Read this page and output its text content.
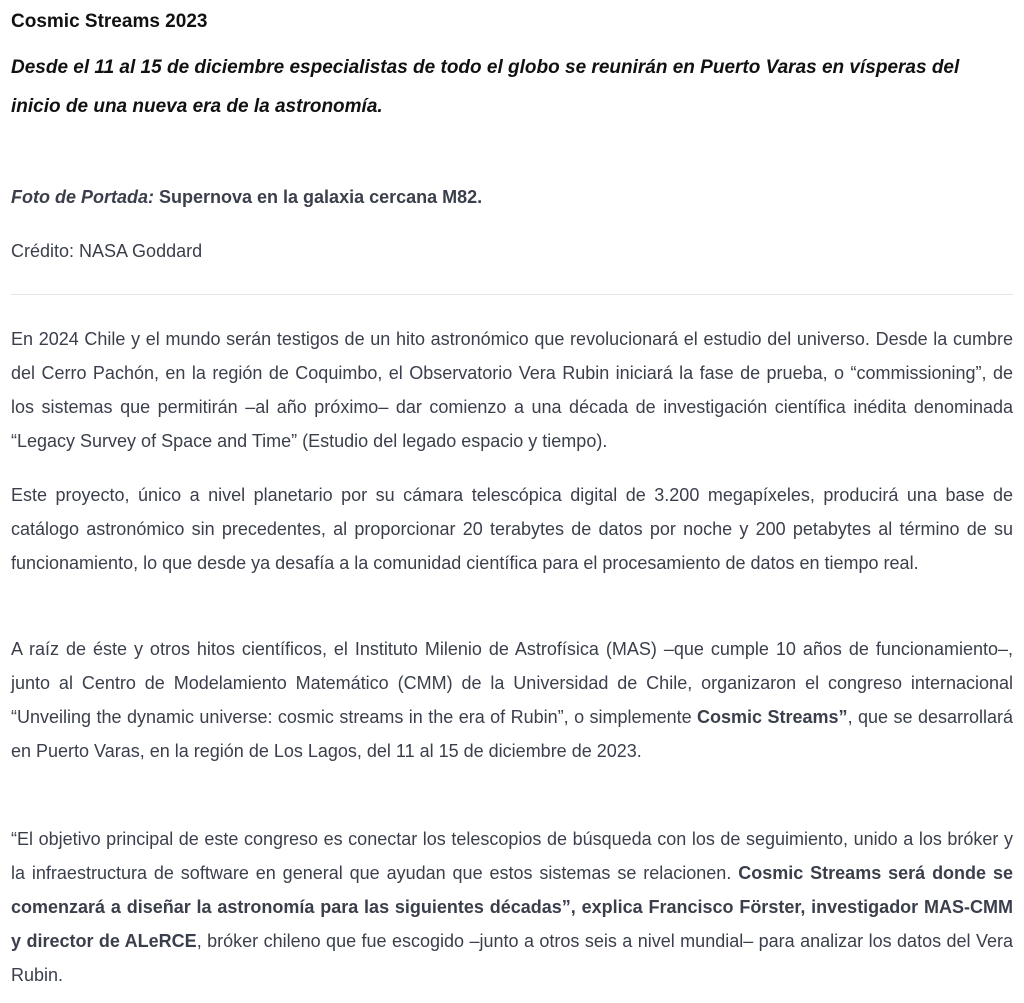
Cosmic Streams 2023
Desde el 11 al 15 de diciembre especialistas de todo el globo se reunirán en Puerto Varas en vísperas del inicio de una nueva era de la astronomía.

Foto de Portada: Supernova en la galaxia cercana M82.

Crédito: NASA Goddard

En 2024 Chile y el mundo serán testigos de un hito astronómico que revolucionará el estudio del universo. Desde la cumbre del Cerro Pachón, en la región de Coquimbo, el Observatorio Vera Rubin iniciará la fase de prueba, o “commissioning”, de los sistemas que permitirán –al año próximo– dar comienzo a una década de investigación científica inédita denominada “Legacy Survey of Space and Time” (Estudio del legado espacio y tiempo).

Este proyecto, único a nivel planetario por su cámara telescópica digital de 3.200 megapíxeles, producirá una base de catálogo astronómico sin precedentes, al proporcionar 20 terabytes de datos por noche y 200 petabytes al término de su funcionamiento, lo que desde ya desafía a la comunidad científica para el procesamiento de datos en tiempo real.

A raíz de éste y otros hitos científicos, el Instituto Milenio de Astrofísica (MAS) –que cumple 10 años de funcionamiento–, junto al Centro de Modelamiento Matemático (CMM) de la Universidad de Chile, organizaron el congreso internacional “Unveiling the dynamic universe: cosmic streams in the era of Rubin”, o simplemente Cosmic Streams”, que se desarrollará en Puerto Varas, en la región de Los Lagos, del 11 al 15 de diciembre de 2023.

“El objetivo principal de este congreso es conectar los telescopios de búsqueda con los de seguimiento, unido a los bróker y la infraestructura de software en general que ayudan que estos sistemas se relacionen. Cosmic Streams será donde se comenzará a diseñar la astronomía para las siguientes décadas”, explica Francisco Förster, investigador MAS-CMM y director de ALeRCE, bróker chileno que fue escogido –junto a otros seis a nivel mundial– para analizar los datos del Vera Rubin.
